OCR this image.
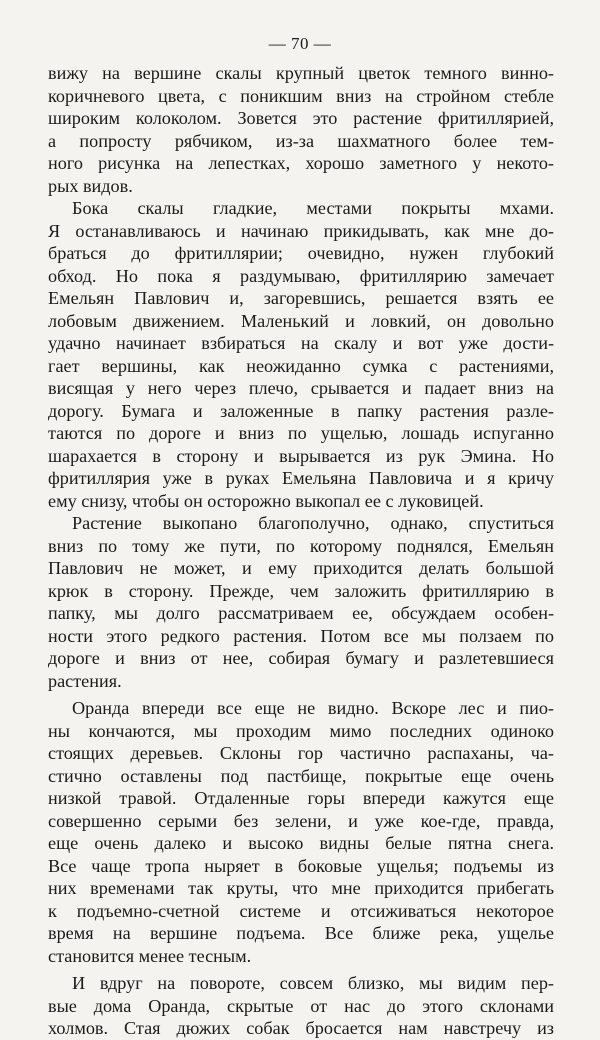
— 70 —
вижу на вершине скалы крупный цветок темного винно-
коричневого цвета, с поникшим вниз на стройном стебле
широким колоколом. Зовется это растение фритиллярией,
а попросту рябчиком, из-за шахматного более тем-
ного рисунка на лепестках, хорошо заметного у некото-
рых видов.
Бока скалы гладкие, местами покрыты мхами.
Я останавливаюсь и начинаю прикидывать, как мне до-
браться до фритиллярии; очевидно, нужен глубокий
обход. Но пока я раздумываю, фритиллярию замечает
Емельян Павлович и, загоревшись, решается взять ее
лобовым движением. Маленький и ловкий, он довольно
удачно начинает взбираться на скалу и вот уже дости-
гает вершины, как неожиданно сумка с растениями,
висящая у него через плечо, срывается и падает вниз на
дорогу. Бумага и заложенные в папку растения разле-
таются по дороге и вниз по ущелью, лошадь испуганно
шарахается в сторону и вырывается из рук Эмина. Но
фритиллярия уже в руках Емельяна Павловича и я кричу
ему снизу, чтобы он осторожно выкопал ее с луковицей.
Растение выкопано благополучно, однако, спуститься
вниз по тому же пути, по которому поднялся, Емельян
Павлович не может, и ему приходится делать большой
крюк в сторону. Прежде, чем заложить фритиллярию в
папку, мы долго рассматриваем ее, обсуждаем особен-
ности этого редкого растения. Потом все мы ползаем по
дороге и вниз от нее, собирая бумагу и разлетевшиеся
растения.
Оранда впереди все еще не видно. Вскоре лес и пио-
ны кончаются, мы проходим мимо последних одиноко
стоящих деревьев. Склоны гор частично распаханы, ча-
стично оставлены под пастбище, покрытые еще очень
низкой травой. Отдаленные горы впереди кажутся еще
совершенно серыми без зелени, и уже кое-где, правда,
еще очень далеко и высоко видны белые пятна снега.
Все чаще тропа ныряет в боковые ущелья; подъемы из
них временами так круты, что мне приходится прибегать
к подъемно-счетной системе и отсиживаться некоторое
время на вершине подъема. Все ближе река, ущелье
становится менее тесным.
И вдруг на повороте, совсем близко, мы видим пер-
вые дома Оранда, скрытые от нас до этого склонами
холмов. Стая дюжих собак бросается нам навстречу из
